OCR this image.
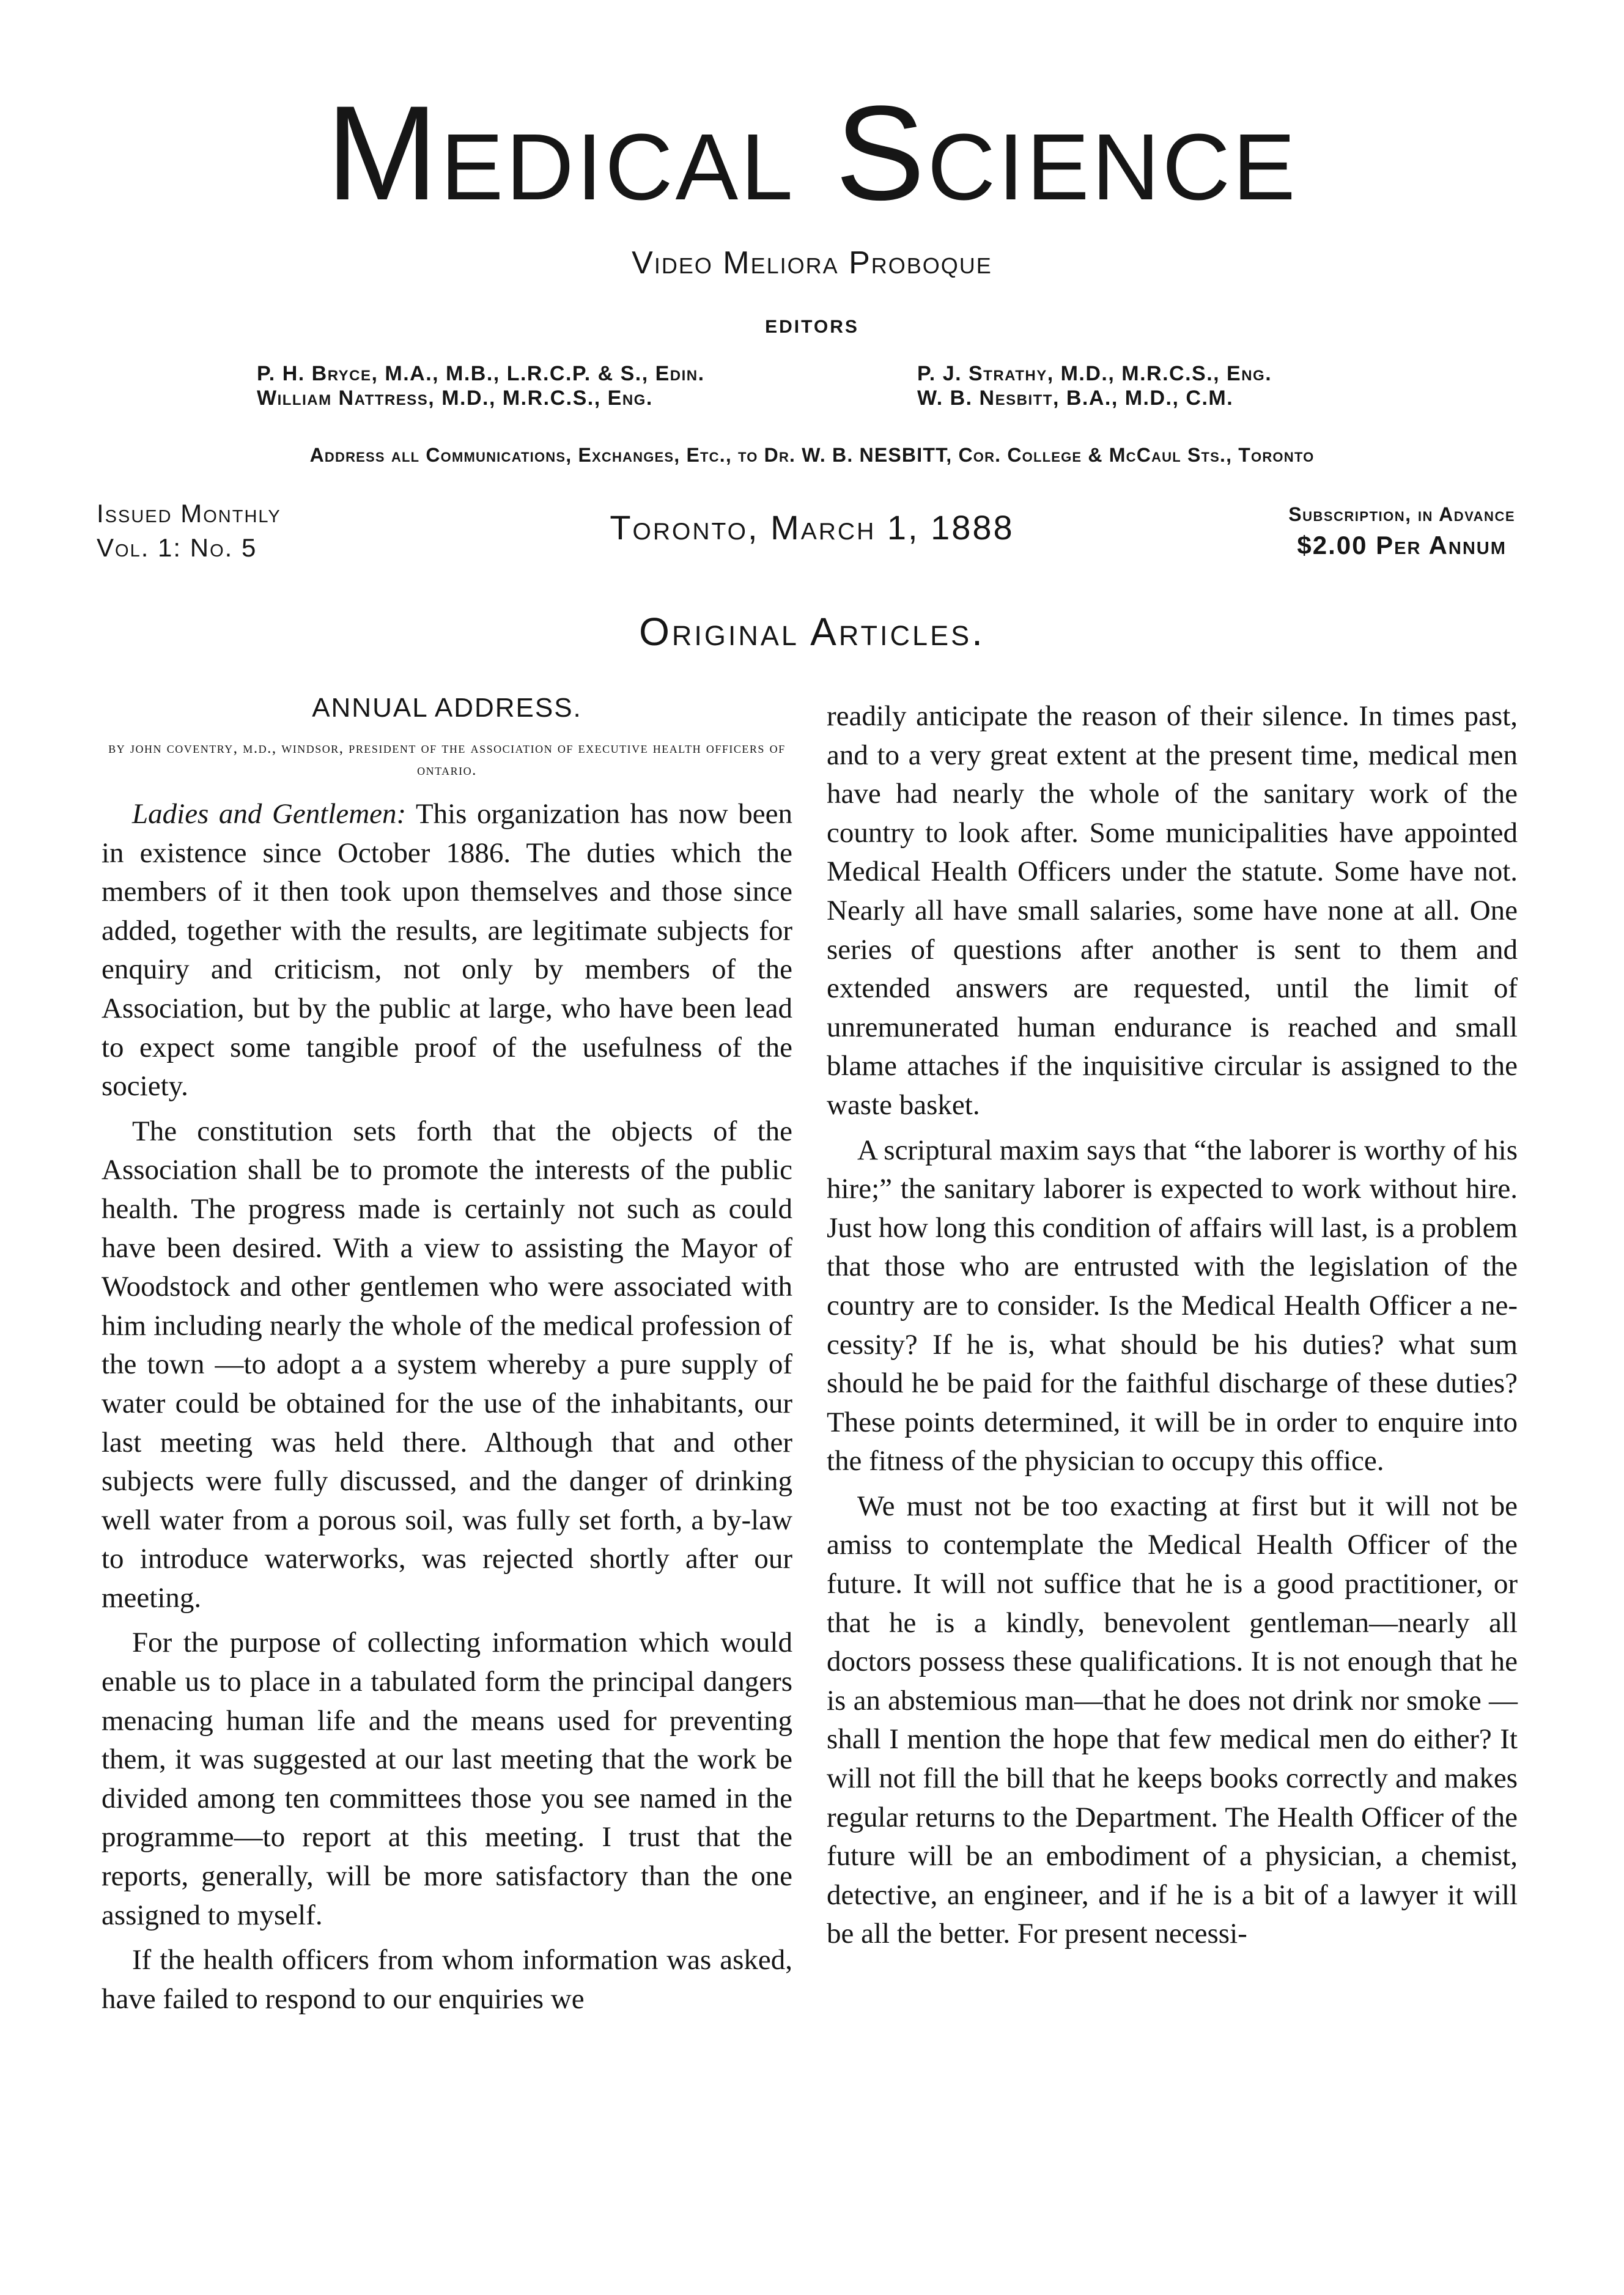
Medical Science
Video Meliora Proboque
EDITORS
P. H. Bryce, M.A., M.B., L.R.C.P. & S., Edin.
William Nattress, M.D., M.R.C.S., Eng.
P. J. Strathy, M.D., M.R.C.S., Eng.
W. B. Nesbitt, B.A., M.D., C.M.
Address all Communications, Exchanges, Etc., to Dr. W. B. NESBITT, Cor. College & McCaul Sts., Toronto
Issued Monthly
Vol. 1: No. 5
Toronto, March 1, 1888	Subscription, in Advance
$2.00 Per Annum
Original Articles.

ANNUAL ADDRESS.

by john coventry, m.d., windsor, president of the association of executive health officers of ontario.

Ladies and Gentlemen: This organization has now been in existence since October 1886. The duties which the members of it then took upon themselves and those since added, together with the results, are legitimate subjects for enquiry and criticism, not only by members of the Association, but by the public at large, who have been lead to expect some tangible proof of the usefulness of the society.

The constitution sets forth that the objects of the Association shall be to promote the interests of the public health. The progress made is certainly not such as could have been desired. With a view to assisting the Mayor of Woodstock and other gentlemen who were associated with him including nearly the whole of the medical profession of the town —to adopt a a system whereby a pure supply of water could be obtained for the use of the inhabitants, our last meeting was held there. Although that and other subjects were fully discussed, and the danger of drinking well water from a porous soil, was fully set forth, a by-law to introduce waterworks, was rejected shortly after our meeting.

For the purpose of collecting information which would enable us to place in a tabulated form the principal dangers menacing human life and the means used for preventing them, it was suggested at our last meeting that the work be divided among ten committees those you see named in the programme—to report at this meeting. I trust that the reports, generally, will be more satisfactory than the one assigned to myself.

If the health officers from whom information was asked, have failed to respond to our enquiries we

readily anticipate the reason of their silence. In times past, and to a very great extent at the present time, medical men have had nearly the whole of the sanitary work of the country to look after. Some municipalities have appointed Medical Health Officers under the statute. Some have not. Nearly all have small salaries, some have none at all. One series of questions after another is sent to them and extended answers are requested, until the limit of unremunerated human endurance is reached and small blame attaches if the inquisitive circular is assigned to the waste basket.

A scriptural maxim says that “the laborer is worthy of his hire;” the sanitary laborer is expected to work without hire. Just how long this condition of affairs will last, is a problem that those who are entrusted with the legislation of the country are to consider. Is the Medical Health Officer a necessity? If he is, what should be his duties? what sum should he be paid for the faithful discharge of these duties? These points determined, it will be in order to enquire into the fitness of the physician to occupy this office.

We must not be too exacting at first but it will not be amiss to contemplate the Medical Health Officer of the future. It will not suffice that he is a good practitioner, or that he is a kindly, benevolent gentleman—nearly all doctors possess these qualifications. It is not enough that he is an abstemious man—that he does not drink nor smoke —shall I mention the hope that few medical men do either? It will not fill the bill that he keeps books correctly and makes regular returns to the Department. The Health Officer of the future will be an embodiment of a physician, a chemist, detective, an engineer, and if he is a bit of a lawyer it will be all the better. For present necessi-
